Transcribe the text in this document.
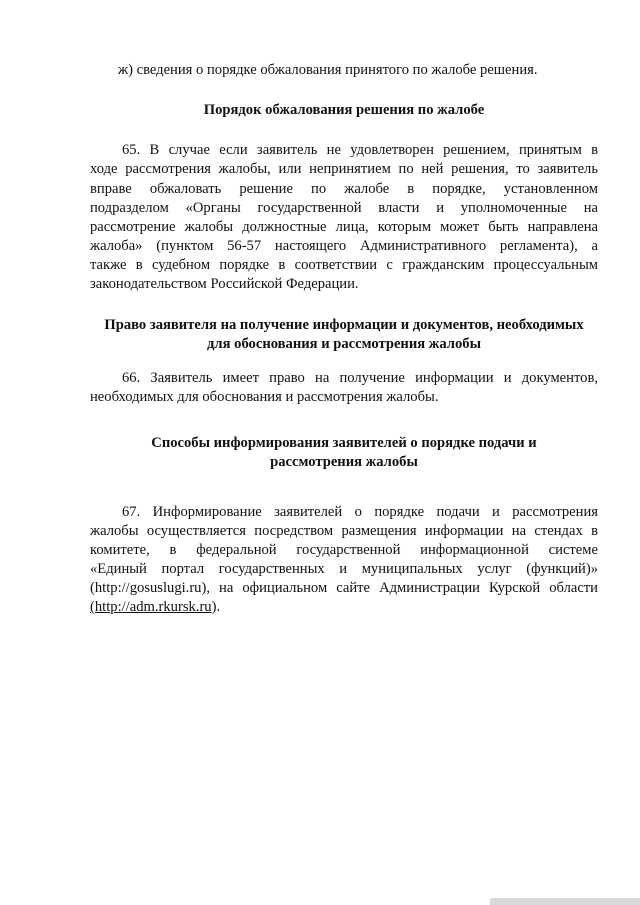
ж) сведения о порядке обжалования принятого по жалобе решения.
Порядок обжалования решения по жалобе
65. В случае если заявитель не удовлетворен решением, принятым в
ходе рассмотрения жалобы, или непринятием по ней решения, то заявитель
вправе обжаловать решение по жалобе в порядке, установленном
подразделом «Органы государственной власти и уполномоченные на
рассмотрение жалобы должностные лица, которым может быть направлена
жалоба» (пунктом 56-57 настоящего Административного регламента), а
также в судебном порядке в соответствии с гражданским процессуальным
законодательством Российской Федерации.
Право заявителя на получение информации и документов, необходимых
для обоснования и рассмотрения жалобы
66. Заявитель имеет право на получение информации и документов,
необходимых для обоснования и рассмотрения жалобы.
Способы информирования заявителей о порядке подачи и
рассмотрения жалобы
67. Информирование заявителей о порядке подачи и рассмотрения
жалобы осуществляется посредством размещения информации на стендах в
комитете, в федеральной государственной информационной системе
«Единый портал государственных и муниципальных услуг (функций)»
(http://gosuslugi.ru), на официальном сайте Администрации Курской области
(http://adm.rkursk.ru).
